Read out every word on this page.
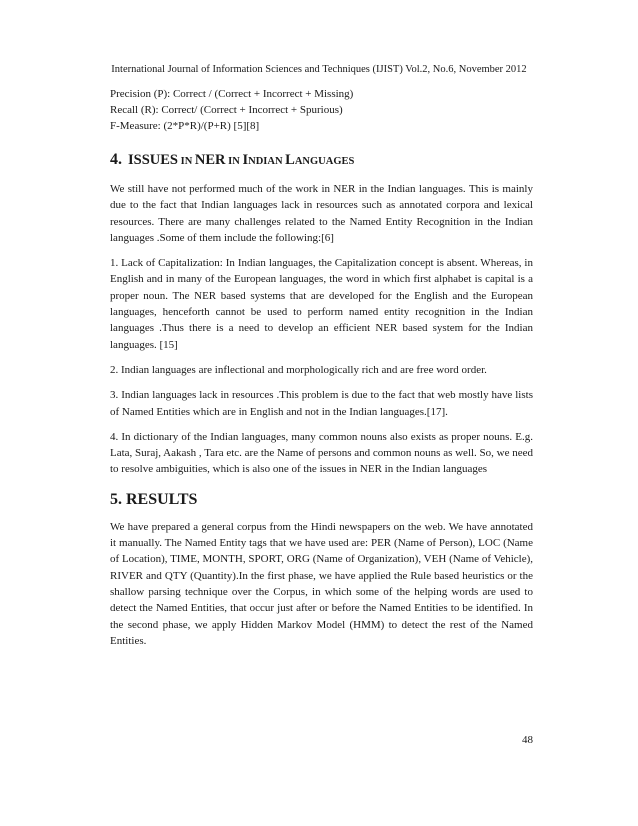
International Journal of Information Sciences and Techniques (IJIST) Vol.2, No.6, November 2012

Precision (P): Correct / (Correct + Incorrect + Missing)

Recall (R): Correct/ (Correct + Incorrect + Spurious)

F-Measure: (2*P*R)/(P+R) [5][8]

4. ISSUES IN NER IN INDIAN LANGUAGES

We still have not performed much of the work in NER in the Indian languages. This is mainly due to the fact that Indian languages lack in resources such as annotated corpora and lexical resources. There are many challenges related to the Named Entity Recognition in the Indian languages .Some of them include the following:[6]

1. Lack of Capitalization: In Indian languages, the Capitalization concept is absent. Whereas, in English and in many of the European languages, the word in which first alphabet is capital is a proper noun. The NER based systems that are developed for the English and the European languages, henceforth cannot be used to perform named entity recognition in the Indian languages .Thus there is a need to develop an efficient NER based system for the Indian languages. [15]

2. Indian languages are inflectional and morphologically rich and are free word order.

3. Indian languages lack in resources .This problem is due to the fact that web mostly have lists of Named Entities which are in English and not in the Indian languages.[17].

4. In dictionary of the Indian languages, many common nouns also exists as proper nouns. E.g. Lata, Suraj, Aakash , Tara etc. are the Name of persons and common nouns as well. So, we need to resolve ambiguities, which is also one of the issues in NER in the Indian languages

5. RESULTS

We have prepared a general corpus from the Hindi newspapers on the web. We have annotated it manually. The Named Entity tags that we have used are: PER (Name of Person), LOC (Name of Location), TIME, MONTH, SPORT, ORG (Name of Organization), VEH (Name of Vehicle), RIVER and QTY (Quantity).In the first phase, we have applied the Rule based heuristics or the shallow parsing technique over the Corpus, in which some of the helping words are used to detect the Named Entities, that occur just after or before the Named Entities to be identified. In the second phase, we apply Hidden Markov Model (HMM) to detect the rest of the Named Entities.

48
